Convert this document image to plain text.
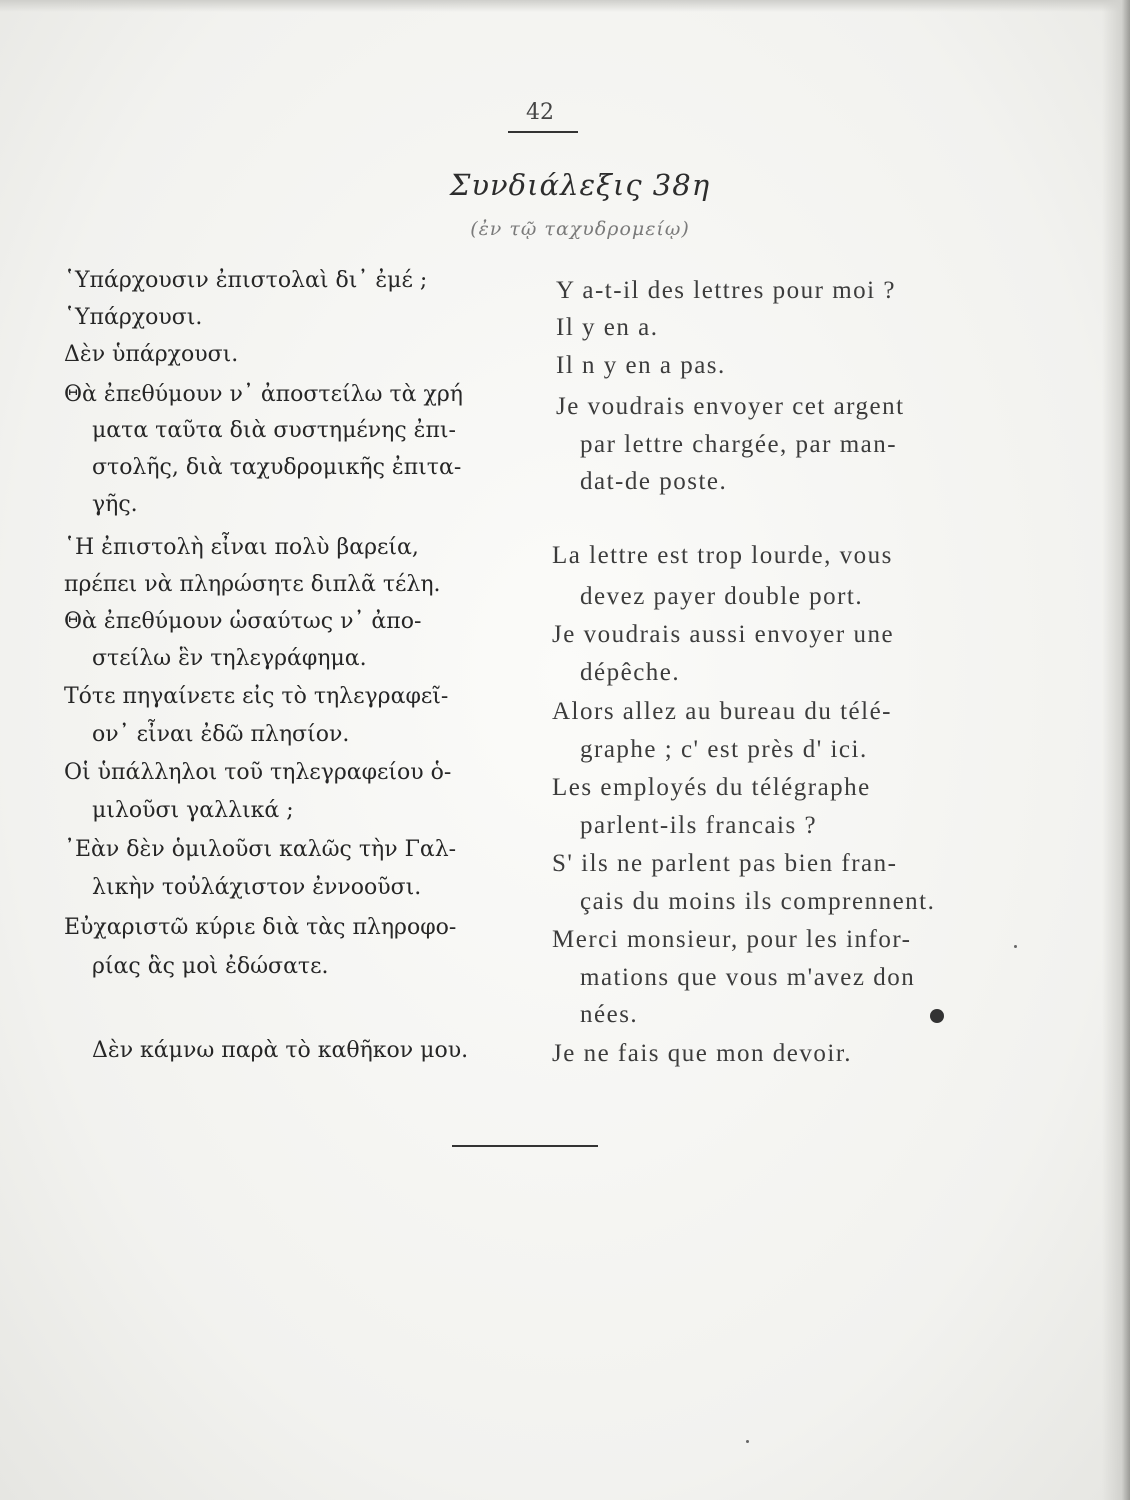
42
Συνδιάλεξις 38η
(ἐν τῷ ταχυδρομείῳ)
῾Υπάρχουσιν ἐπιστολαὶ δι᾿ ἐμέ ;
῾Υπάρχουσι.
Δὲν ὑπάρχουσι.
Θὰ ἐπεθύμουν ν᾿ ἀποστείλω τὰ χρή
ματα ταῦτα διὰ συστημένης ἐπι-
στολῆς, διὰ ταχυδρομικῆς ἐπιτα-
γῆς.
῾Η ἐπιστολὴ εἶναι πολὺ βαρεία,
πρέπει νὰ πληρώσητε διπλᾶ τέλη.
Θὰ ἐπεθύμουν ὡσαύτως ν᾿ ἀπο-
στείλω ἓν τηλεγράφημα.
Τότε πηγαίνετε εἰς τὸ τηλεγραφεῖ-
ον᾿ εἶναι ἐδῶ πλησίον.
Οἱ ὑπάλληλοι τοῦ τηλεγραφείου ὁ-
μιλοῦσι γαλλικά ;
᾿Εὰν δὲν ὁμιλοῦσι καλῶς τὴν Γαλ-
λικὴν τοὐλάχιστον ἐννοοῦσι.
Εὐχαριστῶ κύριε διὰ τὰς πληροφο-
ρίας ἃς μοὶ ἐδώσατε.
Δὲν κάμνω παρὰ τὸ καθῆκον μου.
Y a-t-il des lettres pour moi ?
Il y en a.
Il n y en a pas.
Je voudrais envoyer cet argent
par lettre chargée, par man-
dat-de poste.
La lettre est trop lourde, vous
devez payer double port.
Je voudrais aussi envoyer une
dépêche.
Alors allez au bureau du télé-
graphe ; c' est près d' ici.
Les employés du télégraphe
parlent-ils francais ?
S' ils ne parlent pas bien fran-
çais du moins ils comprennent.
Merci monsieur, pour les infor-
mations que vous m'avez don
nées.
Je ne fais que mon devoir.
